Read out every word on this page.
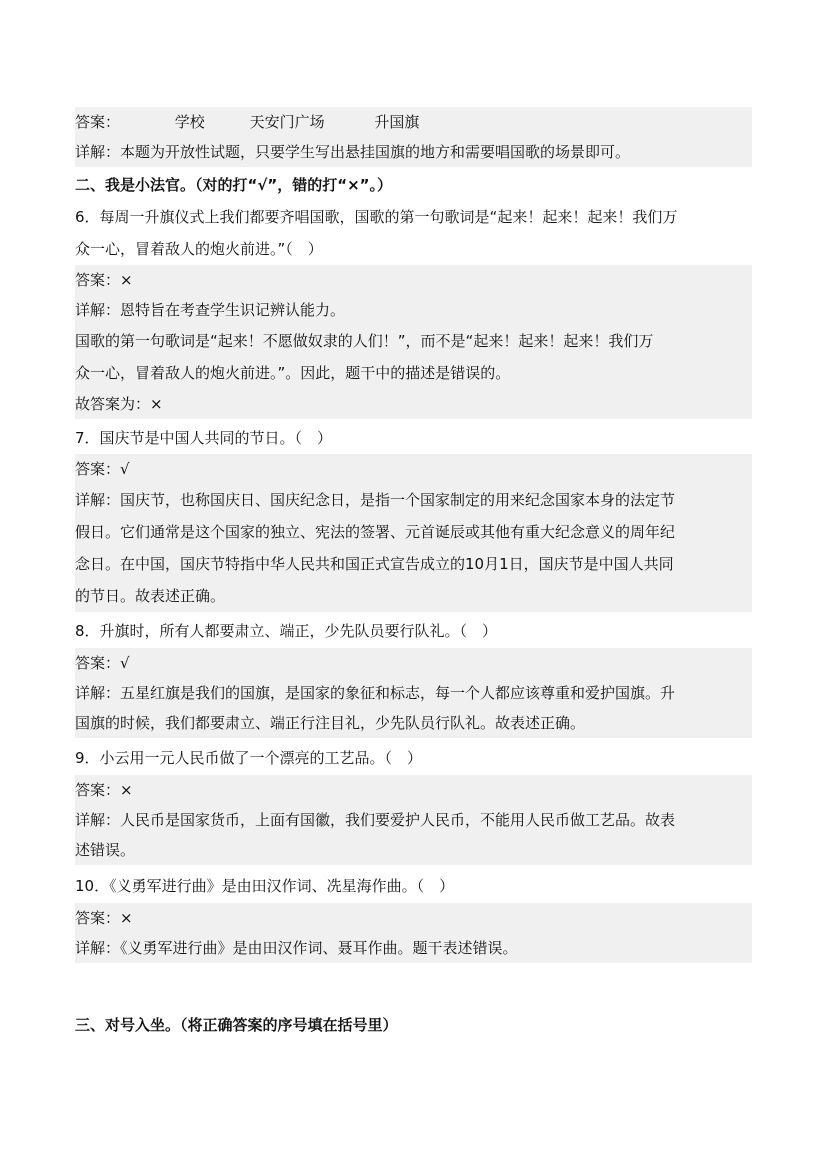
答案：	学校	天安门广场	升国旗
详解：本题为开放性试题，只要学生写出悬挂国旗的地方和需要唱国歌的场景即可。
二、我是小法官。（对的打“√”，错的打“×”。）
6．每周一升旗仪式上我们都要齐唱国歌，国歌的第一句歌词是“起来！起来！起来！我们万
众一心，冒着敌人的炮火前进。”（　）
答案：×
详解：恩特旨在考查学生识记辨认能力。
国歌的第一句歌词是“起来！不愿做奴隶的人们！”，而不是“起来！起来！起来！我们万
众一心，冒着敌人的炮火前进。”。因此，题干中的描述是错误的。
故答案为：×
7．国庆节是中国人共同的节日。（　）
答案：√
详解：国庆节，也称国庆日、国庆纪念日，是指一个国家制定的用来纪念国家本身的法定节
假日。它们通常是这个国家的独立、宪法的签署、元首诞辰或其他有重大纪念意义的周年纪
念日。在中国，国庆节特指中华人民共和国正式宣告成立的10月1日，国庆节是中国人共同
的节日。故表述正确。
8．升旗时，所有人都要肃立、端正，少先队员要行队礼。（　）
答案：√
详解：五星红旗是我们的国旗，是国家的象征和标志，每一个人都应该尊重和爱护国旗。升
国旗的时候，我们都要肃立、端正行注目礼，少先队员行队礼。故表述正确。
9．小云用一元人民币做了一个漂亮的工艺品。（　）
答案：×
详解：人民币是国家货币，上面有国徽，我们要爱护人民币，不能用人民币做工艺品。故表
述错误。
10．《义勇军进行曲》是由田汉作词、冼星海作曲。（　）
答案：×
详解：《义勇军进行曲》是由田汉作词、聂耳作曲。题干表述错误。
三、对号入坐。（将正确答案的序号填在括号里）
